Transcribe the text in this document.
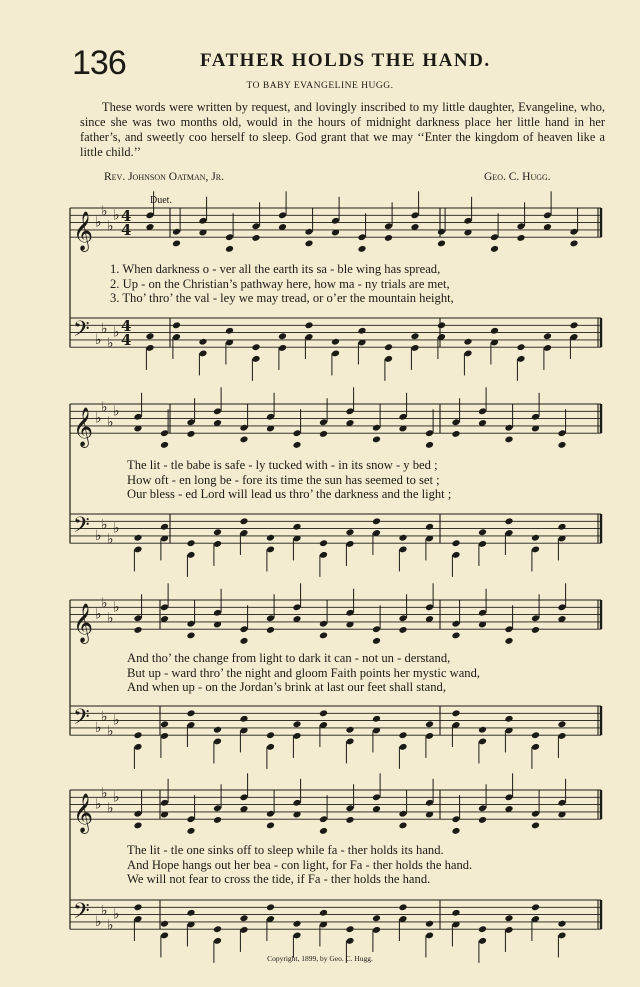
136	FATHER HOLDS THE HAND.
TO BABY EVANGELINE HUGG.

These words were written by request, and lovingly inscribed to my little daughter, Evangeline, who, since she was two months old, would in the hours of midnight darkness place her little hand in her father’s, and sweetly coo herself to sleep. God grant that we may ‘‘Enter the kingdom of heaven like a little child.’’

Rev. Johnson Oatman, Jr.	Geo. C. Hugg.
Duet.
𝄞 ♭
♭
♭
♭ 4
4
𝄢 ♭
♭
♭
♭ 4
4
𝄞 ♭
♭
♭
♭
𝄢 ♭
♭
♭
♭
𝄞 ♭
♭
♭
♭
𝄢 ♭
♭
♭
♭
𝄞 ♭
♭
♭
♭
𝄢 ♭
♭
♭
♭
1. When darkness o - ver all the earth its sa - ble wing has spread,
2. Up - on the Christian’s pathway here, how ma - ny trials are met,
3. Tho’ thro’ the val - ley we may tread, or o’er the mountain height,
The lit - tle babe is safe - ly tucked with - in its snow - y bed ;
How oft - en long be - fore its time the sun has seemed to set ;
Our bless - ed Lord will lead us thro’ the darkness and the light ;
And tho’ the change from light to dark it can - not un - derstand,
But up - ward thro’ the night and gloom Faith points her mystic wand,
And when up - on the Jordan’s brink at last our feet shall stand,
The lit - tle one sinks off to sleep while fa - ther holds its hand.
And Hope hangs out her bea - con light, for Fa - ther holds the hand.
We will not fear to cross the tide, if Fa - ther holds the hand.
Copyright, 1899, by Geo. C. Hugg.
